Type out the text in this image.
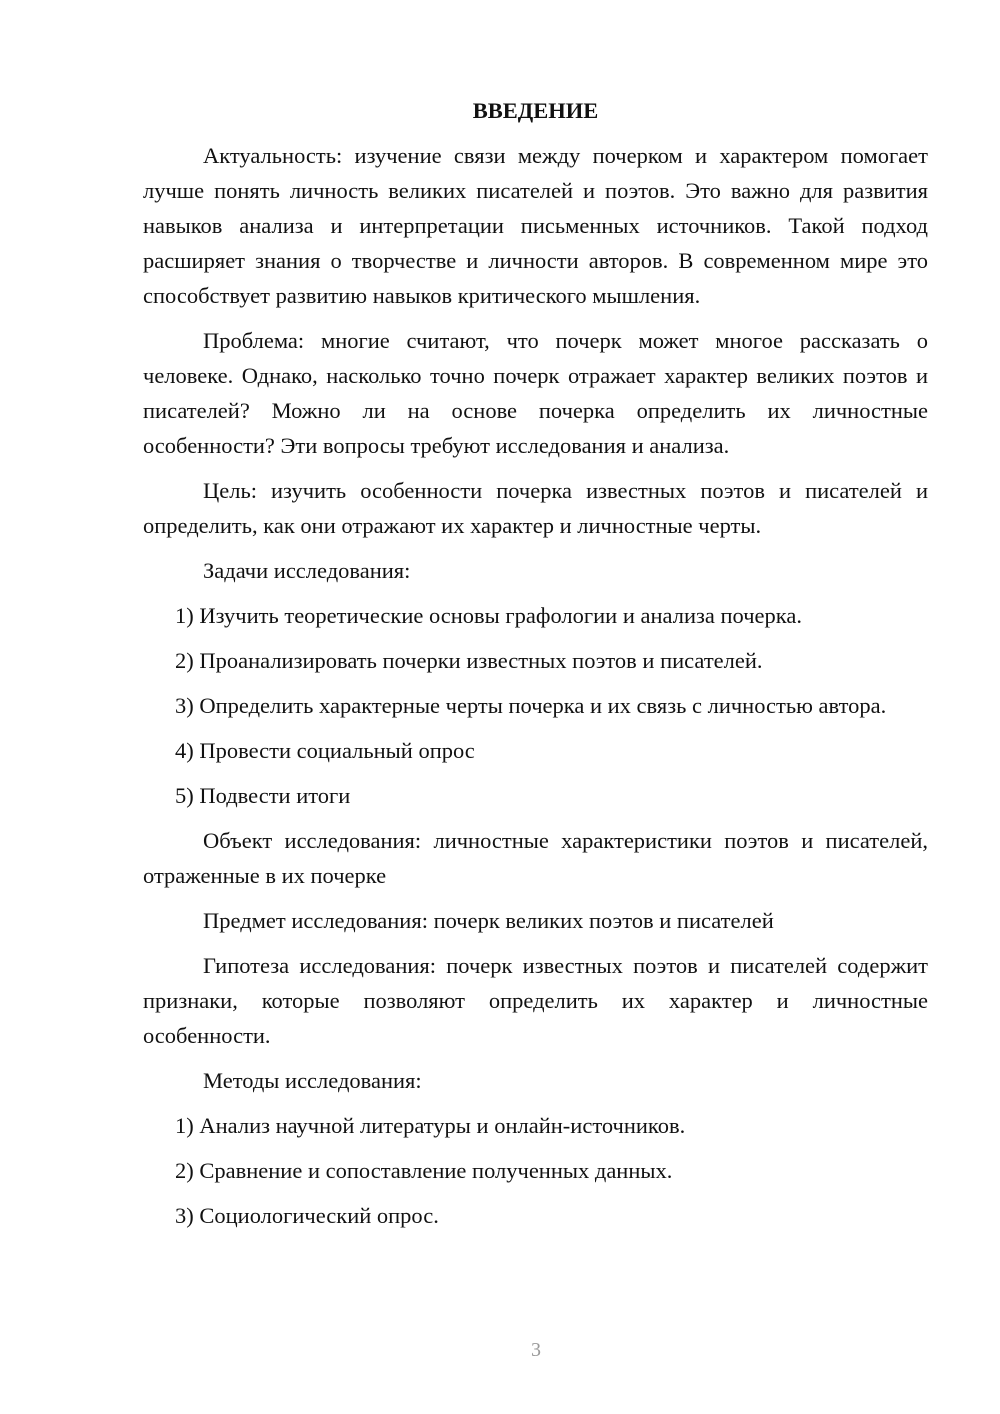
ВВЕДЕНИЕ

Актуальность: изучение связи между почерком и характером помогает лучше понять личность великих писателей и поэтов. Это важно для развития навыков анализа и интерпретации письменных источников. Такой подход расширяет знания о творчестве и личности авторов. В современном мире это способствует развитию навыков критического мышления.

Проблема: многие считают, что почерк может многое рассказать о человеке. Однако, насколько точно почерк отражает характер великих поэтов и писателей? Можно ли на основе почерка определить их личностные особенности? Эти вопросы требуют исследования и анализа.

Цель: изучить особенности почерка известных поэтов и писателей и определить, как они отражают их характер и личностные черты.

Задачи исследования:

1) Изучить теоретические основы графологии и анализа почерка.

2) Проанализировать почерки известных поэтов и писателей.

3) Определить характерные черты почерка и их связь с личностью автора.

4) Провести социальный опрос

5) Подвести итоги

Объект исследования: личностные характеристики поэтов и писателей, отраженные в их почерке

Предмет исследования: почерк великих поэтов и писателей

Гипотеза исследования: почерк известных поэтов и писателей содержит признаки, которые позволяют определить их характер и личностные особенности.

Методы исследования:

1) Анализ научной литературы и онлайн-источников.

2) Сравнение и сопоставление полученных данных.

3) Социологический опрос.

3
